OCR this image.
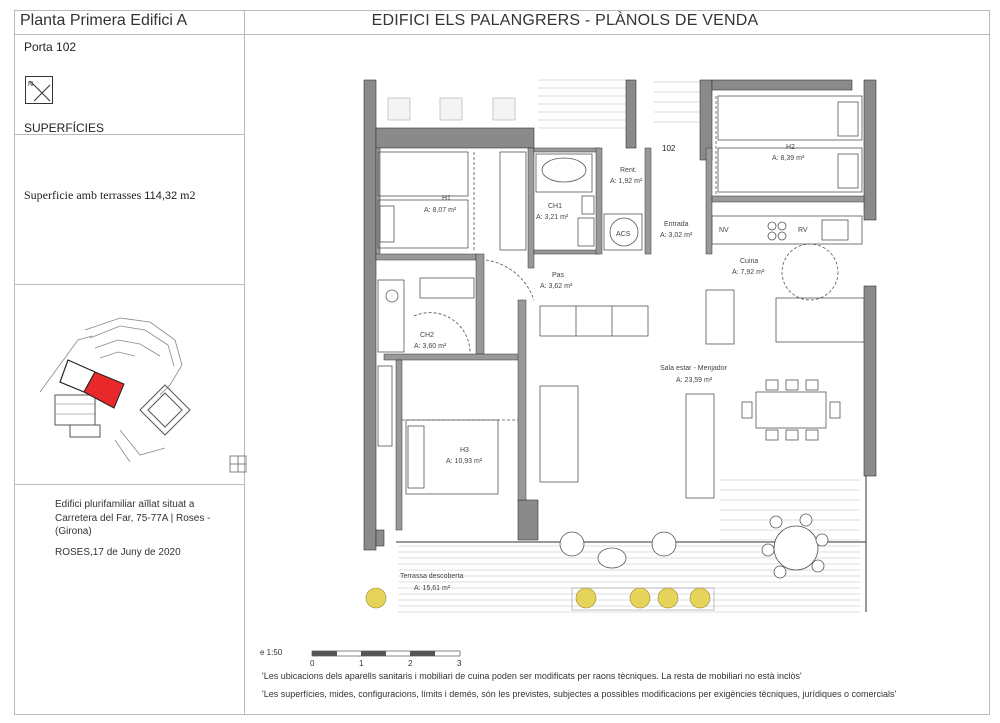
Planta Primera Edifici A	EDIFICI ELS PALANGRERS - PLÀNOLS DE VENDA
Porta 102
N
SUPERFÍCIES
Superficie amb terrasses 114,32 m2
Edifici plurifamiliar aïllat situat a Carretera del Far, 75-77A | Roses - (Girona)
ROSES,17 de Juny de 2020
H1
A: 8,07 m²
CH1
A: 3,21 m²
Rent.
A: 1,92 m²
H2
A: 8,39 m²
Entrada
A: 3,02 m²
Pas
A: 3,62 m²
Cuina
A: 7,92 m²
CH2
A: 3,60 m²
Sala estar - Menjador
A: 23,59 m²
H3
A: 10,93 m²
Terrassa descoberta
A: 15,61 m²
102
ACS
NV	RV
e 1:50
0	1	2	3
'Les ubicacions dels aparells sanitaris i mobiliari de cuina poden ser modificats per raons tècniques. La resta de mobiliari no està inclòs'
'Les superfícies, mides, configuracions, límits i demés, són les previstes, subjectes a possibles modificacions per exigències tècniques, jurídiques o comercials'
